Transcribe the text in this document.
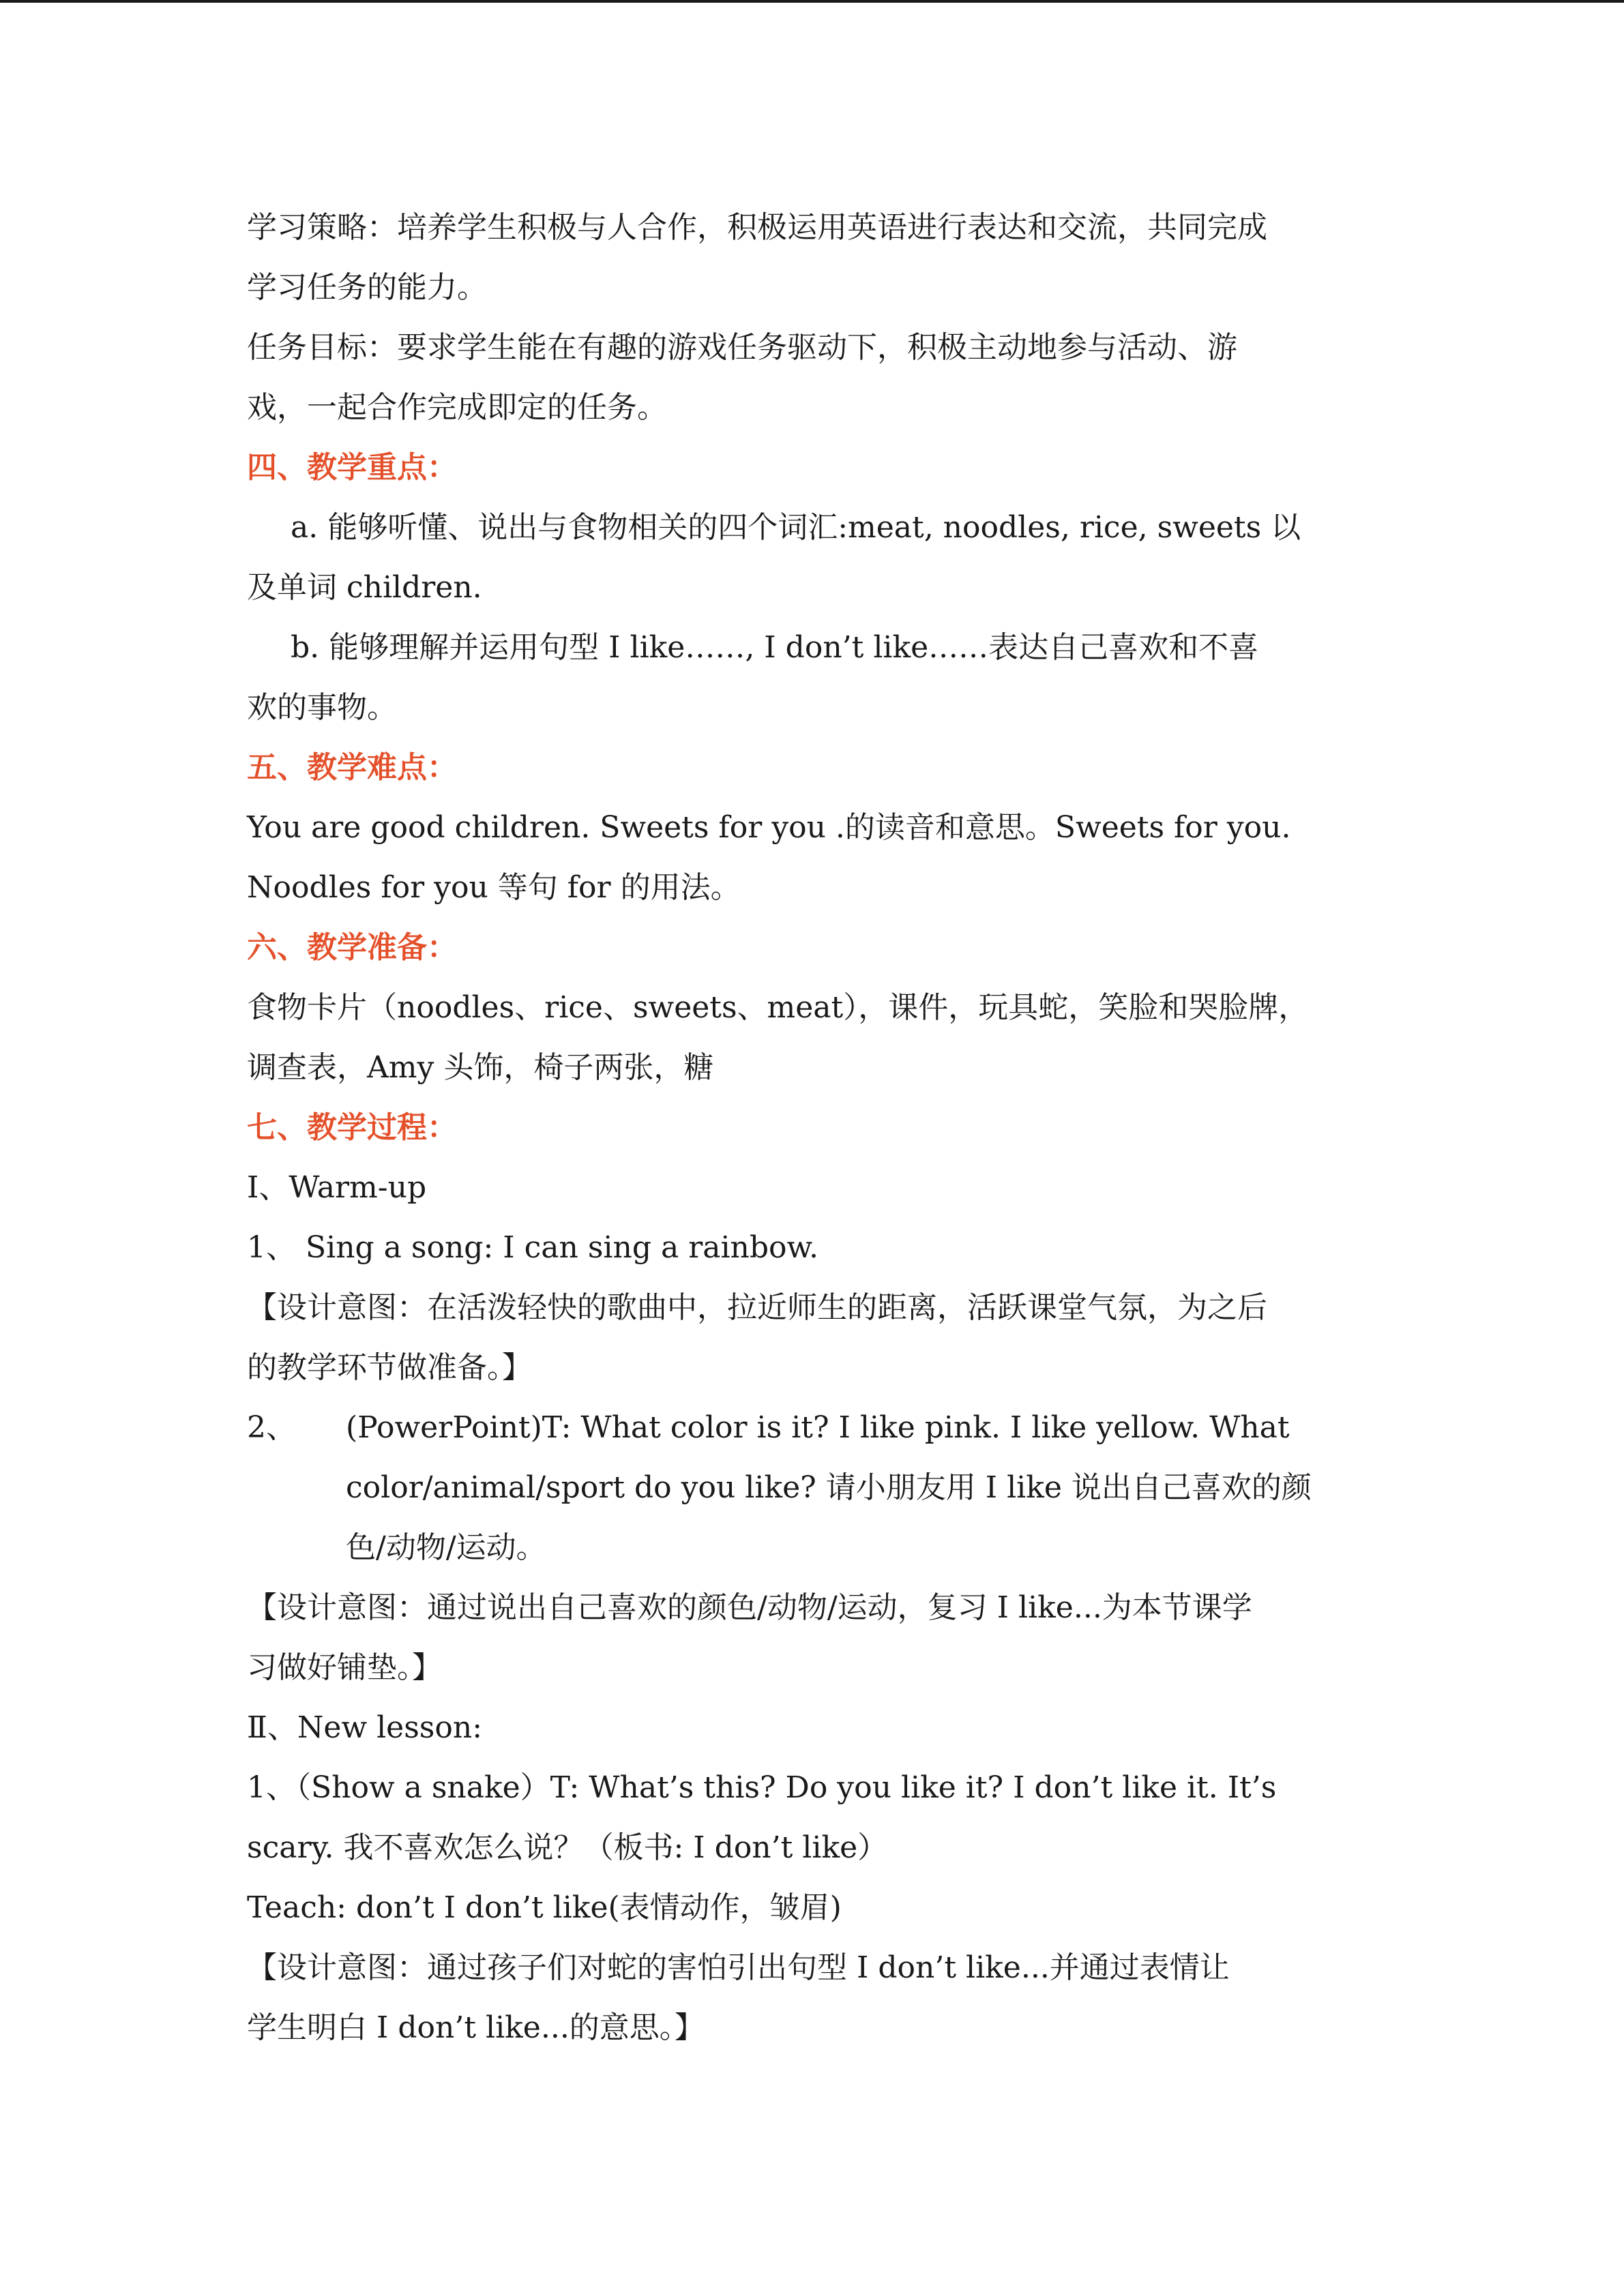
学习策略：培养学生积极与人合作，积极运用英语进行表达和交流，共同完成
学习任务的能力。
任务目标：要求学生能在有趣的游戏任务驱动下，积极主动地参与活动、游
戏，一起合作完成即定的任务。
四、教学重点：
a. 能够听懂、说出与食物相关的四个词汇:meat, noodles, rice, sweets 以
及单词 children.
b. 能够理解并运用句型 I like……, I don’t like……表达自己喜欢和不喜
欢的事物。
五、教学难点：
You are good children. Sweets for you .的读音和意思。Sweets for you.
Noodles for you 等句 for 的用法。
六、教学准备：
食物卡片（noodles、rice、sweets、meat），课件，玩具蛇，笑脸和哭脸牌，
调查表，Amy 头饰，椅子两张，糖
七、教学过程：
Ⅰ、Warm-up
1、 Sing a song: I can sing a rainbow.
【设计意图：在活泼轻快的歌曲中，拉近师生的距离，活跃课堂气氛，为之后
的教学环节做准备。】
2、 (PowerPoint)T: What color is it? I like pink. I like yellow. What
color/animal/sport do you like? 请小朋友用 I like 说出自己喜欢的颜
色/动物/运动。
【设计意图：通过说出自己喜欢的颜色/动物/运动，复习 I like...为本节课学
习做好铺垫。】
Ⅱ、New lesson:
1、（Show a snake）T: What’s this? Do you like it? I don’t like it. It’s
scary. 我不喜欢怎么说？（板书: I don’t like）
Teach: don’t I don’t like(表情动作，皱眉)
【设计意图：通过孩子们对蛇的害怕引出句型 I don’t like...并通过表情让
学生明白 I don’t like...的意思。】
